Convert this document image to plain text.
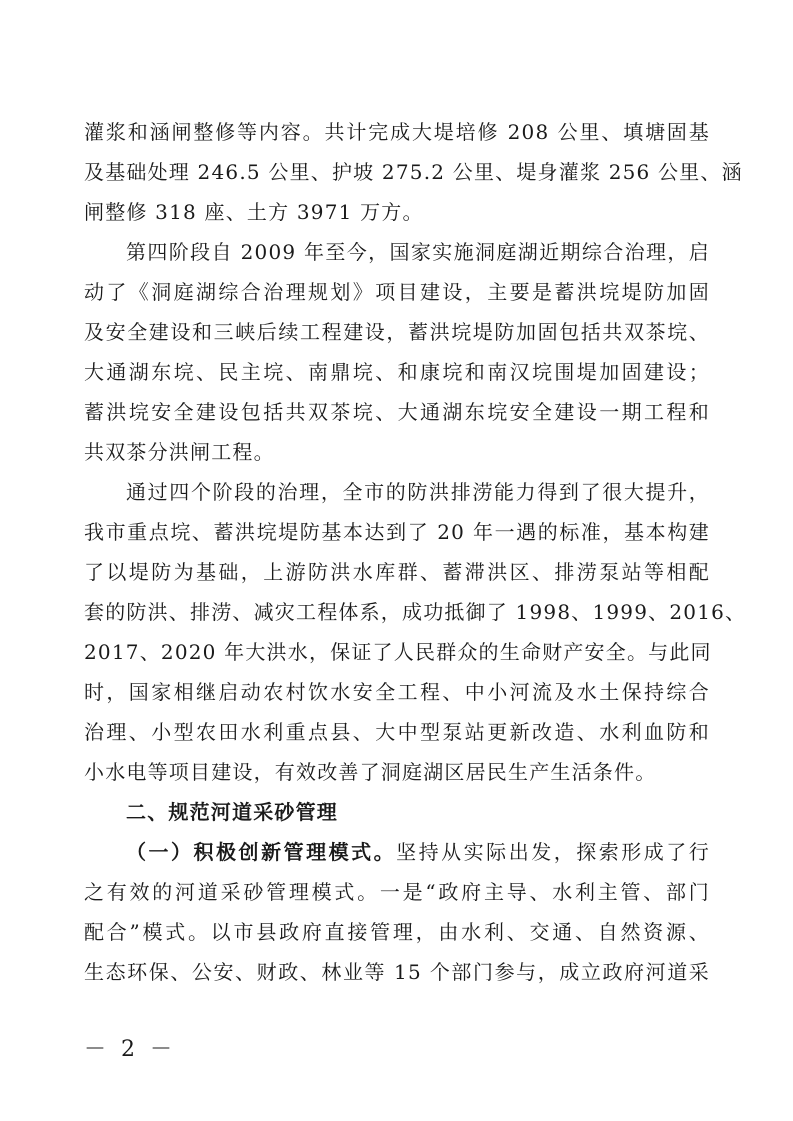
灌浆和涵闸整修等内容。共计完成大堤培修 208 公里、填塘固基
及基础处理 246.5 公里、护坡 275.2 公里、堤身灌浆 256 公里、涵
闸整修 318 座、土方 3971 万方。
第四阶段自 2009 年至今，国家实施洞庭湖近期综合治理，启
动了《洞庭湖综合治理规划》项目建设，主要是蓄洪垸堤防加固
及安全建设和三峡后续工程建设，蓄洪垸堤防加固包括共双茶垸、
大通湖东垸、民主垸、南鼎垸、和康垸和南汉垸围堤加固建设；
蓄洪垸安全建设包括共双茶垸、大通湖东垸安全建设一期工程和
共双茶分洪闸工程。
通过四个阶段的治理，全市的防洪排涝能力得到了很大提升，
我市重点垸、蓄洪垸堤防基本达到了 20 年一遇的标准，基本构建
了以堤防为基础，上游防洪水库群、蓄滞洪区、排涝泵站等相配
套的防洪、排涝、减灾工程体系，成功抵御了 1998、1999、2016、
2017、2020 年大洪水，保证了人民群众的生命财产安全。与此同
时，国家相继启动农村饮水安全工程、中小河流及水土保持综合
治理、小型农田水利重点县、大中型泵站更新改造、水利血防和
小水电等项目建设，有效改善了洞庭湖区居民生产生活条件。
二、规范河道采砂管理
（一）积极创新管理模式。坚持从实际出发，探索形成了行
之有效的河道采砂管理模式。一是“政府主导、水利主管、部门
配合”模式。以市县政府直接管理，由水利、交通、自然资源、
生态环保、公安、财政、林业等 15 个部门参与，成立政府河道采
－ 2 －
